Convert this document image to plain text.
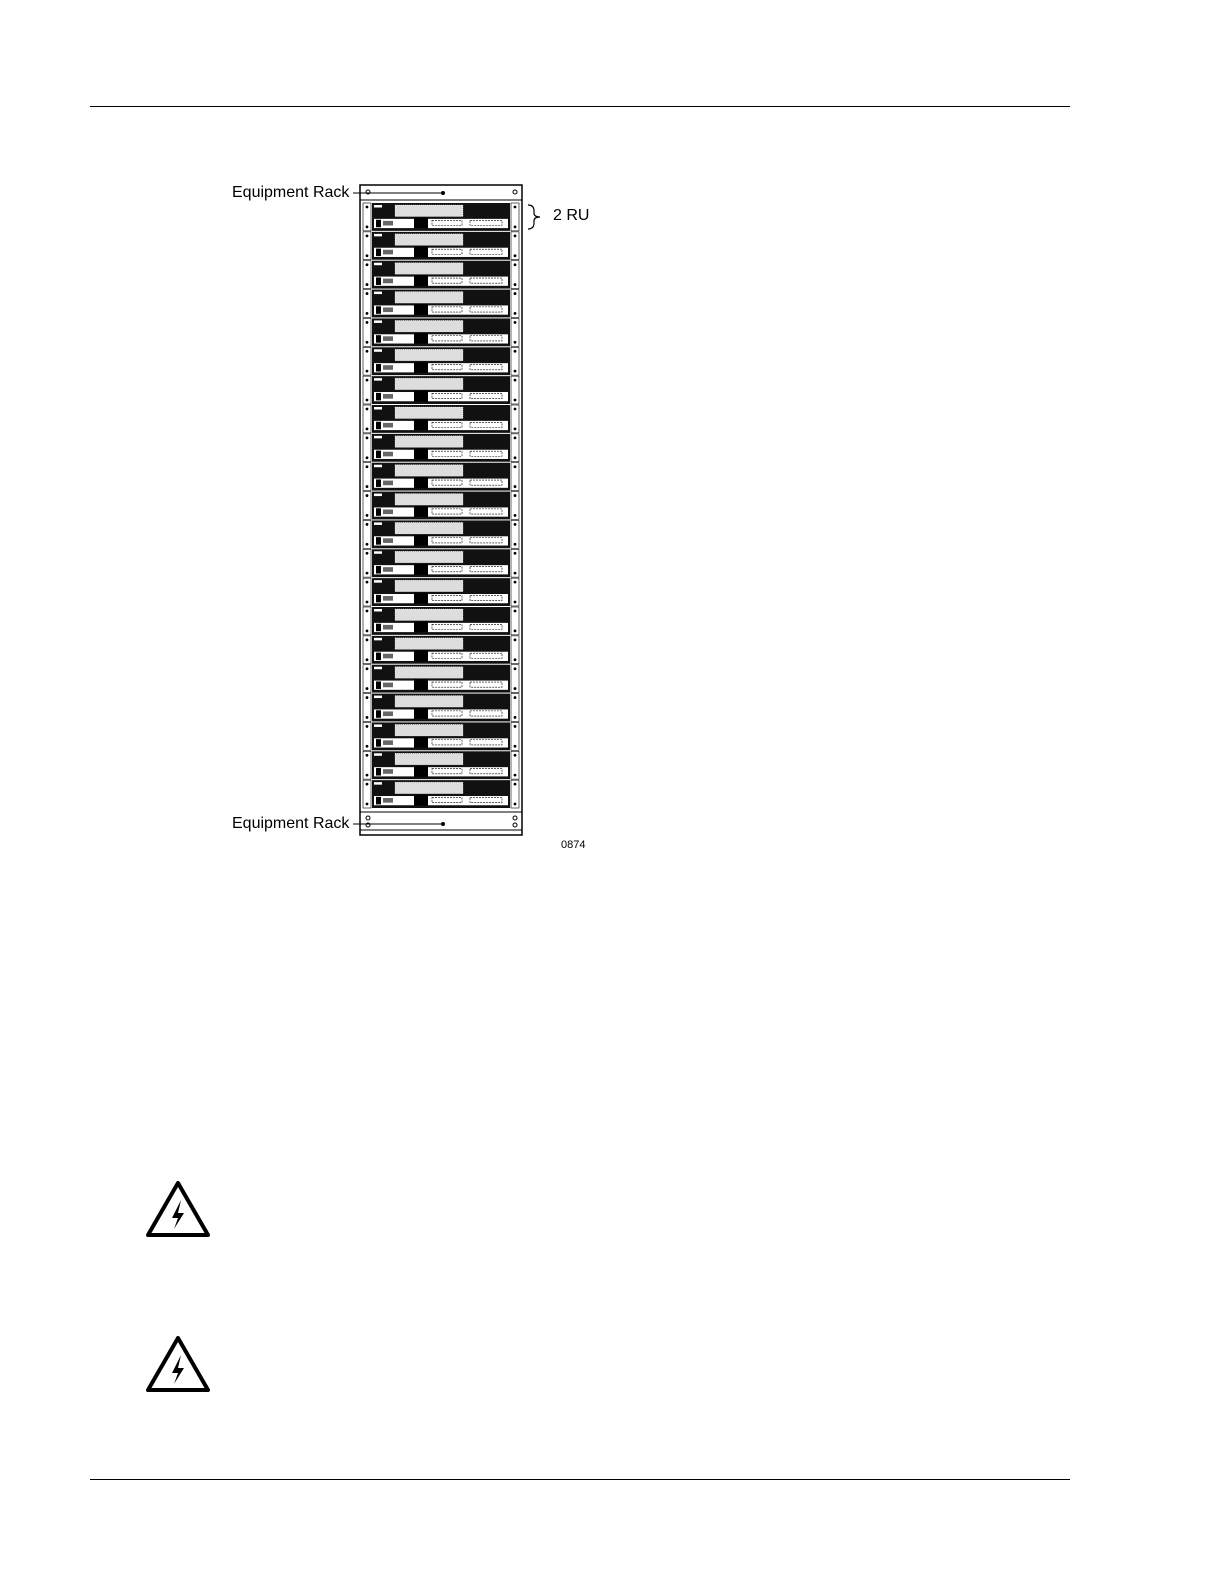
Equipment Rack
2 RU
Equipment Rack
0874
